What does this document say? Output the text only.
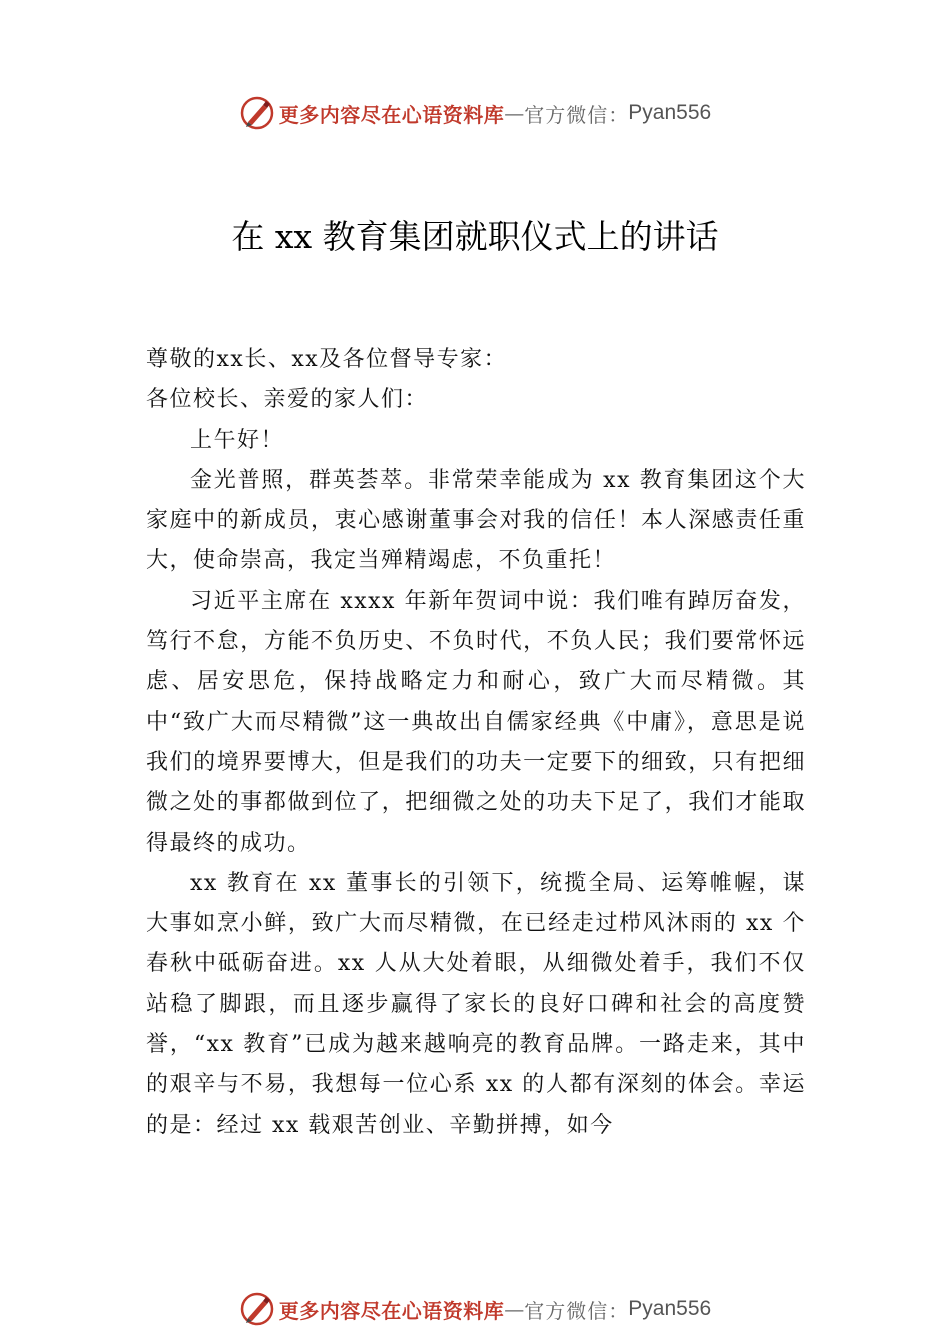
更多内容尽在心语资料库 — 官方微信 ： Pyan556
在 xx 教育集团就职仪式上的讲话

尊敬的xx长、xx及各位督导专家：

各位校长、亲爱的家人们：

上午好！

金光普照，群英荟萃。非常荣幸能成为 xx 教育集团这个大家庭中的新成员，衷心感谢董事会对我的信任！本人深感责任重大，使命崇高，我定当殚精竭虑，不负重托！

习近平主席在 xxxx 年新年贺词中说：我们唯有踔厉奋发，笃行不怠，方能不负历史、不负时代，不负人民；我们要常怀远虑、居安思危，保持战略定力和耐心，致广大而尽精微。其中“致广大而尽精微”这一典故出自儒家经典《中庸》，意思是说我们的境界要博大，但是我们的功夫一定要下的细致，只有把细微之处的事都做到位了，把细微之处的功夫下足了，我们才能取得最终的成功。

xx 教育在 xx 董事长的引领下，统揽全局、运筹帷幄，谋大事如烹小鲜，致广大而尽精微，在已经走过栉风沐雨的 xx 个春秋中砥砺奋进。xx 人从大处着眼，从细微处着手，我们不仅站稳了脚跟，而且逐步赢得了家长的良好口碑和社会的高度赞誉，“xx 教育”已成为越来越响亮的教育品牌。一路走来，其中的艰辛与不易，我想每一位心系 xx 的人都有深刻的体会。幸运的是：经过 xx 载艰苦创业、辛勤拼搏，如今

更多内容尽在心语资料库 — 官方微信 ： Pyan556
